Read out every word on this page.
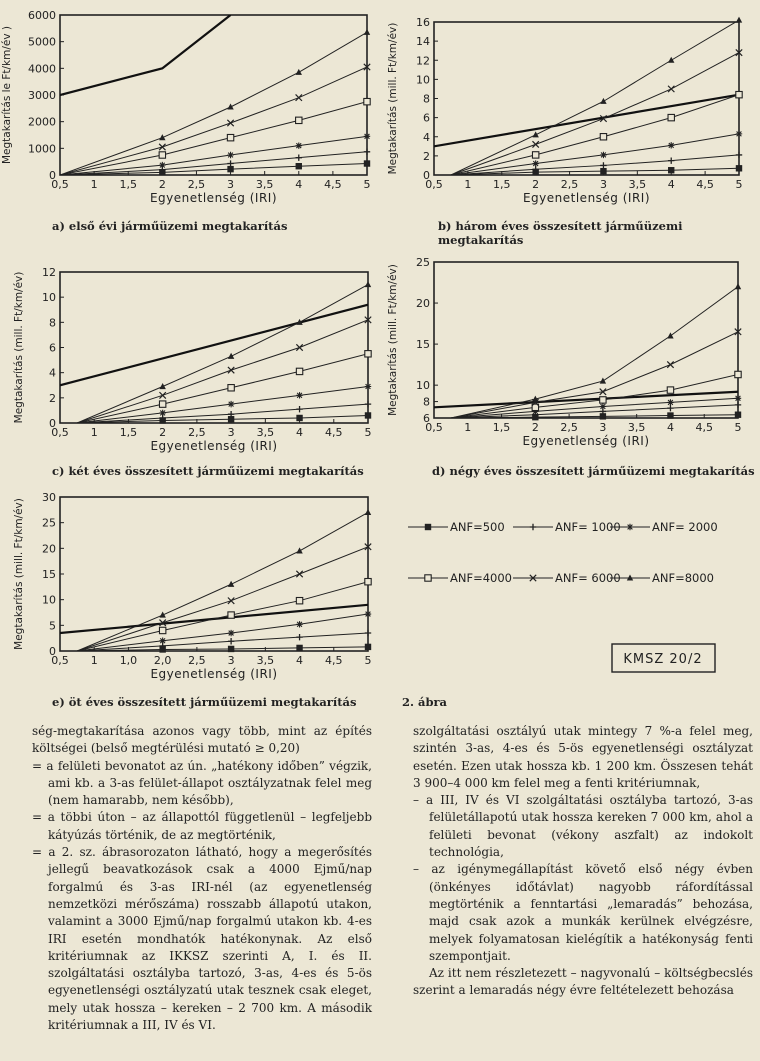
0,5 1 1,5 2 2,5 3 3,5 4 4,5 5
0
1000
2000
3000
4000
5000
6000
Egyenetlenség (IRI)
Megtakarítás le Ft/km/év )
0,5 1 1,5 2 2,5 3 3,5 4 4,5 5
0
2
4
6
8
10
12
14
16
Egyenetlenség (IRI)
Megtakarítás (mill. Ft/km/év)
0,5 1 1,5 2 2,5 3 3,5 4 4,5 5
0
2
4
6
8
10
12
Egyenetlenség (IRI)
Megtakarítás (mill. Ft/km/év)
0,5 1 1,5 2 2,5 3 3,5 4 4,5 5
6
8
10
15
20
25
Egyenetlenség (IRI)
Megtakarítás (mill. Ft/km/év)
0,5 1 1,0 2,0 2,5 3 3,5 4 4,5 5
0
5
10
15
20
25
30
Egyenetlenség (IRI)
Megtakarítás (mill. Ft/km/év)	ANF=500	ANF= 1000	ANF= 2000
ANF=4000	ANF= 6000	ANF=8000
KMSZ 20/2
a) első évi járműüzemi megtakarítás	b) három éves összesített járműüzemi megtakarítás
c) két éves összesített járműüzemi megtakarítás	d) négy éves összesített járműüzemi megtakarítás
e) öt éves összesített járműüzemi megtakarítás	2. ábra

ség-megtakarítása azonos vagy több, mint az építés költségei (belső megtérülési mutató ≥ 0,20)

= a felületi bevonatot az ún. „hatékony időben” végzik, ami kb. a 3-as felület-állapot osztályzatnak felel meg (nem hamarabb, nem később),

= a többi úton – az állapottól függetlenül – legfeljebb kátyúzás történik, de az megtörténik,

= a 2. sz. ábrasorozaton látható, hogy a megerősítés jellegű beavatkozások csak a 4000 Ejmű/nap forgalmú és 3-as IRI-nél (az egyenetlenség nemzetközi mérőszáma) rosszabb állapotú utakon, valamint a 3000 Ejmű/nap forgalmú utakon kb. 4-es IRI esetén mondhatók hatékonynak. Az első kritériumnak az IKKSZ szerinti A, I. és II. szolgáltatási osztályba tartozó, 3-as, 4-es és 5-ös egyenetlenségi osztályzatú utak tesznek csak eleget, mely utak hossza – kereken – 2 700 km. A második kritériumnak a III, IV és VI.

szolgáltatási osztályú utak mintegy 7 %-a felel meg, szintén 3-as, 4-es és 5-ös egyenetlenségi osztályzat esetén. Ezen utak hossza kb. 1 200 km. Összesen tehát 3 900–4 000 km felel meg a fenti kritériumnak,

– a III, IV és VI szolgáltatási osztályba tartozó, 3-as felületállapotú utak hossza kereken 7 000 km, ahol a felületi bevonat (vékony aszfalt) az indokolt technológia,

– az igénymegállapítást követő első négy évben (önkényes időtávlat) nagyobb ráfordítással megtörténik a fenntartási „lemaradás” behozása, majd csak azok a munkák kerülnek elvégzésre, melyek folyamatosan kielégítik a hatékonyság fenti szempontjait.

Az itt nem részletezett – nagyvonalú – költségbecslés szerint a lemaradás négy évre feltételezett behozása
